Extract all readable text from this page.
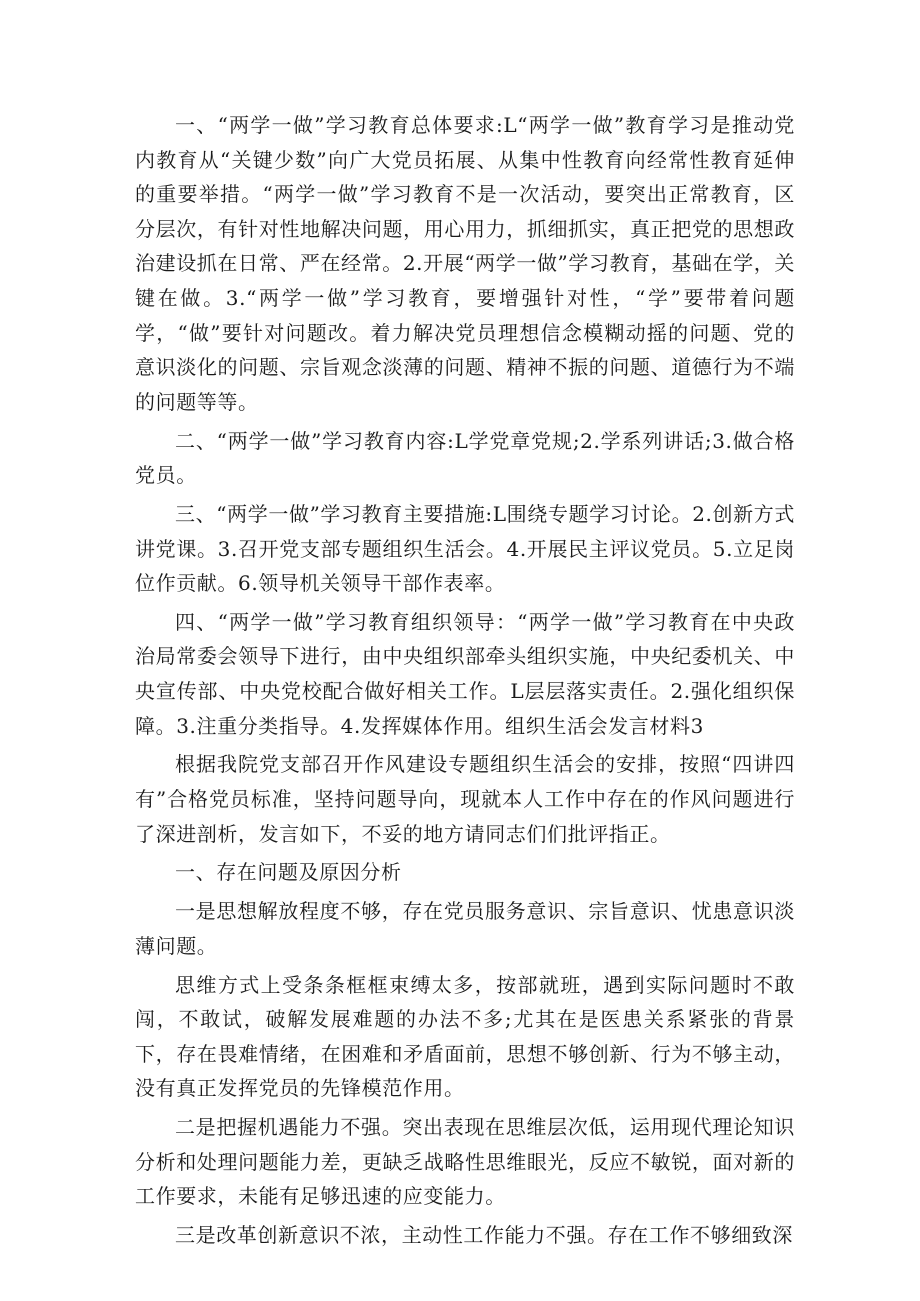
一、“两学一做”学习教育总体要求:L“两学一做”教育学习是推动党内教育从“关键少数”向广大党员拓展、从集中性教育向经常性教育延伸的重要举措。“两学一做”学习教育不是一次活动，要突出正常教育，区分层次，有针对性地解决问题，用心用力，抓细抓实，真正把党的思想政治建设抓在日常、严在经常。2.开展“两学一做”学习教育，基础在学，关键在做。3.“两学一做”学习教育，要增强针对性，“学”要带着问题学，“做”要针对问题改。着力解决党员理想信念模糊动摇的问题、党的意识淡化的问题、宗旨观念淡薄的问题、精神不振的问题、道德行为不端的问题等等。

二、“两学一做”学习教育内容:L学党章党规;2.学系列讲话;3.做合格党员。

三、“两学一做”学习教育主要措施:L围绕专题学习讨论。2.创新方式讲党课。3.召开党支部专题组织生活会。4.开展民主评议党员。5.立足岗位作贡献。6.领导机关领导干部作表率。

四、“两学一做”学习教育组织领导：“两学一做”学习教育在中央政治局常委会领导下进行，由中央组织部牵头组织实施，中央纪委机关、中央宣传部、中央党校配合做好相关工作。L层层落实责任。2.强化组织保障。3.注重分类指导。4.发挥媒体作用。组织生活会发言材料3

根据我院党支部召开作风建设专题组织生活会的安排，按照“四讲四有”合格党员标准，坚持问题导向，现就本人工作中存在的作风问题进行了深进剖析，发言如下，不妥的地方请同志们们批评指正。

一、存在问题及原因分析

一是思想解放程度不够，存在党员服务意识、宗旨意识、忧患意识淡薄问题。

思维方式上受条条框框束缚太多，按部就班，遇到实际问题时不敢闯，不敢试，破解发展难题的办法不多;尤其在是医患关系紧张的背景下，存在畏难情绪，在困难和矛盾面前，思想不够创新、行为不够主动，没有真正发挥党员的先锋模范作用。

二是把握机遇能力不强。突出表现在思维层次低，运用现代理论知识分析和处理问题能力差，更缺乏战略性思维眼光，反应不敏锐，面对新的工作要求，未能有足够迅速的应变能力。

三是改革创新意识不浓，主动性工作能力不强。存在工作不够细致深
